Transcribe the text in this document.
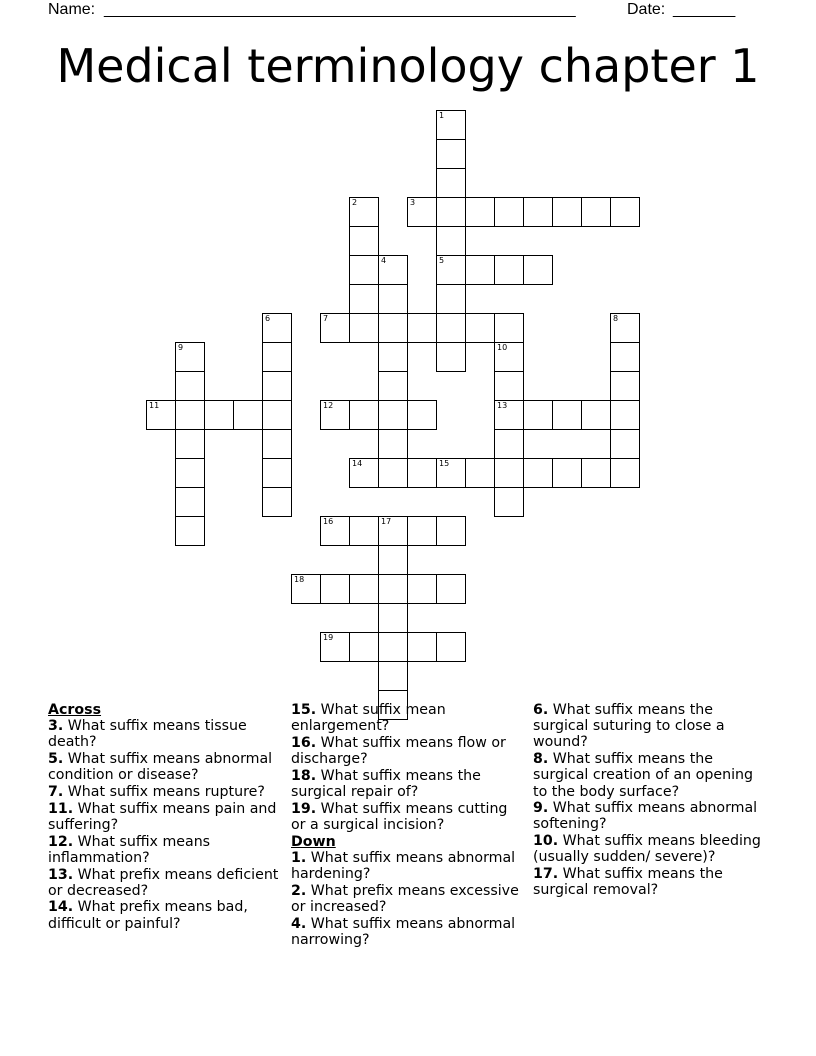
Name: _____________________________________________________	Date: _______
Medical terminology chapter 1
1
5
2	3
4
6	7	8
9	10
13
11	12
14	15
16	17
18
19
Across
3. What suffix means tissue death?
5. What suffix means abnormal condition or disease?
7. What suffix means rupture?
11. What suffix means pain and suffering?
12. What suffix means inflammation?
13. What prefix means deficient or decreased?
14. What prefix means bad, difficult or painful?
15. What suffix mean enlargement?
16. What suffix means flow or discharge?
18. What suffix means the surgical repair of?
19. What suffix means cutting or a surgical incision?
Down
1. What suffix means abnormal hardening?
2. What prefix means excessive or increased?
4. What suffix means abnormal narrowing?
6. What suffix means the surgical suturing to close a wound?
8. What suffix means the surgical creation of an opening to the body surface?
9. What suffix means abnormal softening?
10. What suffix means bleeding (usually sudden/ severe)?
17. What suffix means the surgical removal?
